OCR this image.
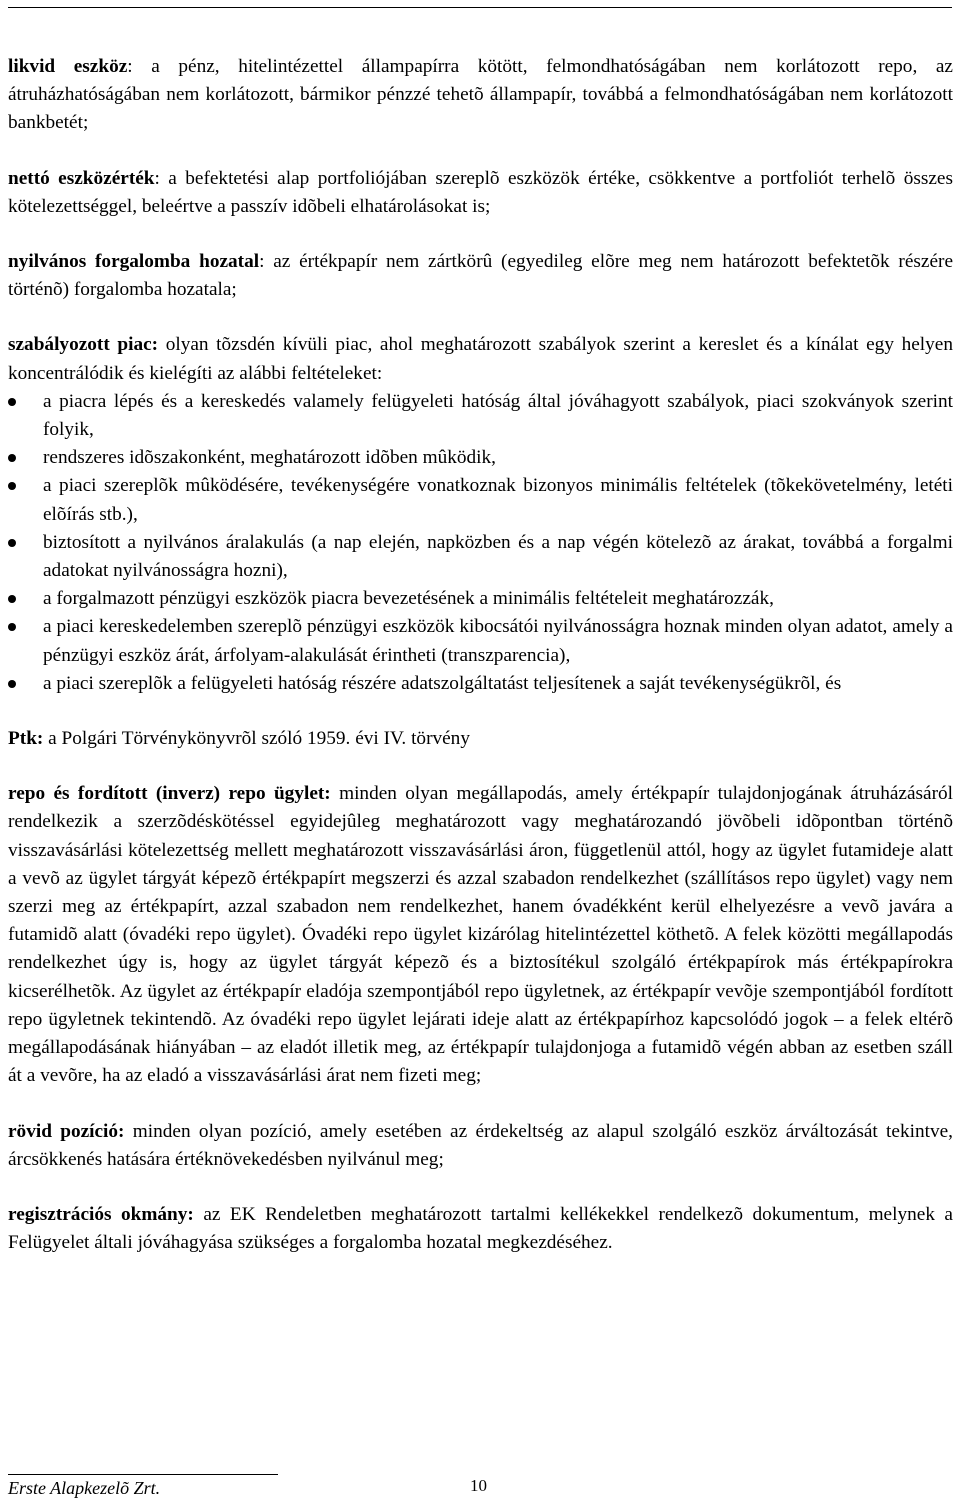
likvid eszköz: a pénz, hitelintézettel állampapírra kötött, felmondhatóságában nem korlátozott repo, az átruházhatóságában nem korlátozott, bármikor pénzzé tehetõ állampapír, továbbá a felmondhatóságában nem korlátozott bankbetét;

nettó eszközérték: a befektetési alap portfoliójában szereplõ eszközök értéke, csökkentve a portfoliót terhelõ összes kötelezettséggel, beleértve a passzív idõbeli elhatárolásokat is;

nyilvános forgalomba hozatal: az értékpapír nem zártkörû (egyedileg elõre meg nem határozott befektetõk részére történõ) forgalomba hozatala;

szabályozott piac: olyan tõzsdén kívüli piac, ahol meghatározott szabályok szerint a kereslet és a kínálat egy helyen koncentrálódik és kielégíti az alábbi feltételeket:

a piacra lépés és a kereskedés valamely felügyeleti hatóság által jóváhagyott szabályok, piaci szokványok szerint folyik,
rendszeres idõszakonként, meghatározott idõben mûködik,
a piaci szereplõk mûködésére, tevékenységére vonatkoznak bizonyos minimális feltételek (tõkekövetelmény, letéti elõírás stb.),
biztosított a nyilvános áralakulás (a nap elején, napközben és a nap végén kötelezõ az árakat, továbbá a forgalmi adatokat nyilvánosságra hozni),
a forgalmazott pénzügyi eszközök piacra bevezetésének a minimális feltételeit meghatározzák,
a piaci kereskedelemben szereplõ pénzügyi eszközök kibocsátói nyilvánosságra hoznak minden olyan adatot, amely a pénzügyi eszköz árát, árfolyam-alakulását érintheti (transzparencia),
a piaci szereplõk a felügyeleti hatóság részére adatszolgáltatást teljesítenek a saját tevékenységükrõl, és

Ptk: a Polgári Törvénykönyvrõl szóló 1959. évi IV. törvény

repo és fordított (inverz) repo ügylet: minden olyan megállapodás, amely értékpapír tulajdonjogának átruházásáról rendelkezik a szerzõdéskötéssel egyidejûleg meghatározott vagy meghatározandó jövõbeli idõpontban történõ visszavásárlási kötelezettség mellett meghatározott visszavásárlási áron, függetlenül attól, hogy az ügylet futamideje alatt a vevõ az ügylet tárgyát képezõ értékpapírt megszerzi és azzal szabadon rendelkezhet (szállításos repo ügylet) vagy nem szerzi meg az értékpapírt, azzal szabadon nem rendelkezhet, hanem óvadékként kerül elhelyezésre a vevõ javára a futamidõ alatt (óvadéki repo ügylet). Óvadéki repo ügylet kizárólag hitelintézettel köthetõ. A felek közötti megállapodás rendelkezhet úgy is, hogy az ügylet tárgyát képezõ és a biztosítékul szolgáló értékpapírok más értékpapírokra kicserélhetõk. Az ügylet az értékpapír eladója szempontjából repo ügyletnek, az értékpapír vevõje szempontjából fordított repo ügyletnek tekintendõ. Az óvadéki repo ügylet lejárati ideje alatt az értékpapírhoz kapcsolódó jogok – a felek eltérõ megállapodásának hiányában – az eladót illetik meg, az értékpapír tulajdonjoga a futamidõ végén abban az esetben száll át a vevõre, ha az eladó a visszavásárlási árat nem fizeti meg;

rövid pozíció: minden olyan pozíció, amely esetében az érdekeltség az alapul szolgáló eszköz árváltozását tekintve, árcsökkenés hatására értéknövekedésben nyilvánul meg;

regisztrációs okmány: az EK Rendeletben meghatározott tartalmi kellékekkel rendelkezõ dokumentum, melynek a Felügyelet általi jóváhagyása szükséges a forgalomba hozatal megkezdéséhez.

Erste Alapkezelõ Zrt.	10
